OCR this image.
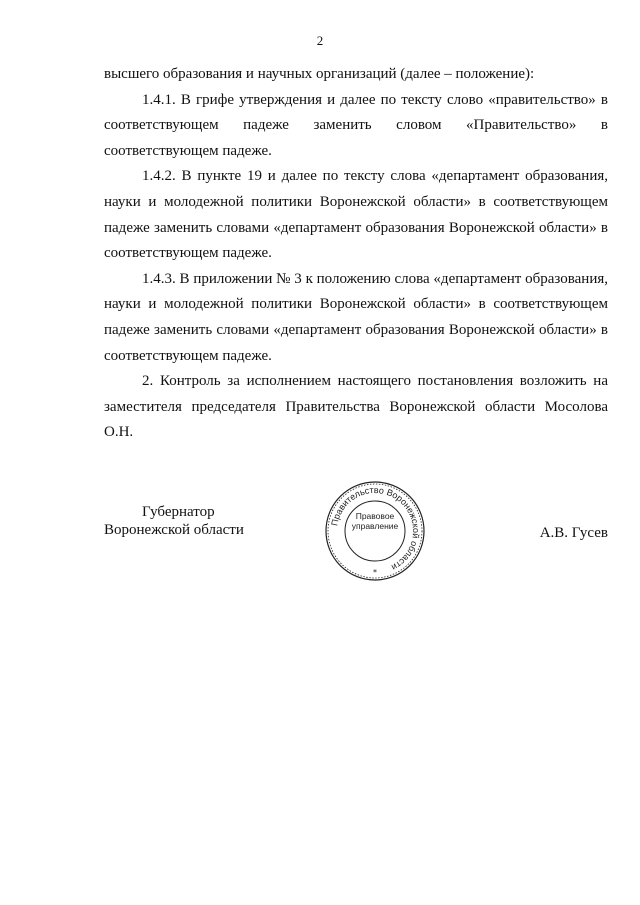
2

высшего образования и научных организаций (далее – положение):

1.4.1. В грифе утверждения и далее по тексту слово «правительство» в соответствующем падеже заменить словом «Правительство» в соответствующем падеже.

1.4.2. В пункте 19 и далее по тексту слова «департамент образования, науки и молодежной политики Воронежской области» в соответствующем падеже заменить словами «департамент образования Воронежской области» в соответствующем падеже.

1.4.3. В приложении № 3 к положению слова «департамент образования, науки и молодежной политики Воронежской области» в соответствующем падеже заменить словами «департамент образования Воронежской области» в соответствующем падеже.

2. Контроль за исполнением настоящего постановления возложить на заместителя председателя Правительства Воронежской области Мосолова О.Н.

Губернатор
Воронежской области	Правительство Воронежской области
*
Правовое
управление	А.В. Гусев
